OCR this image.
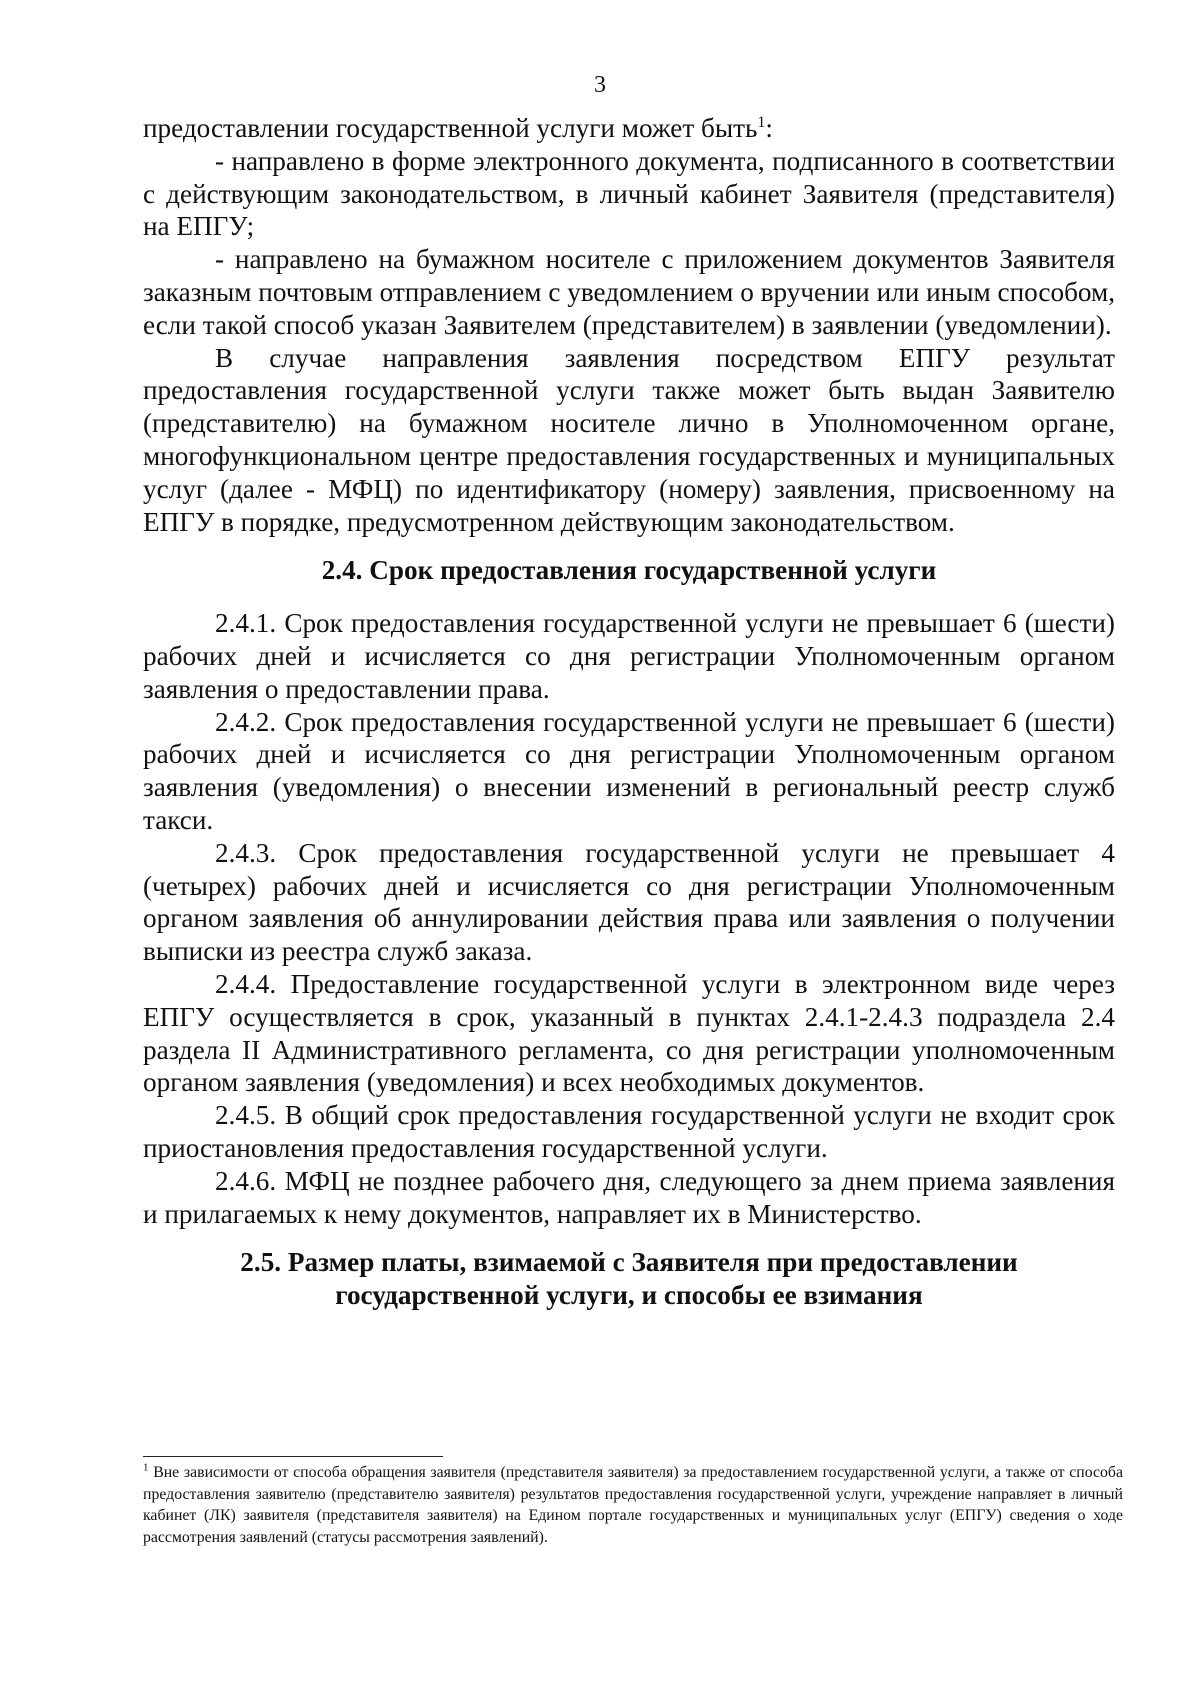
3

предоставлении государственной услуги может быть$^1$:

- направлено в форме электронного документа, подписанного в соответствии с действующим законодательством, в личный кабинет Заявителя (представителя) на ЕПГУ;

- направлено на бумажном носителе с приложением документов Заявителя заказным почтовым отправлением с уведомлением о вручении или иным способом, если такой способ указан Заявителем (представителем) в заявлении (уведомлении).

В случае направления заявления посредством ЕПГУ результат предоставления государственной услуги также может быть выдан Заявителю (представителю) на бумажном носителе лично в Уполномоченном органе, многофункциональном центре предоставления государственных и муниципальных услуг (далее - МФЦ) по идентификатору (номеру) заявления, присвоенному на ЕПГУ в порядке, предусмотренном действующим законодательством.

2.4. Срок предоставления государственной услуги

2.4.1. Срок предоставления государственной услуги не превышает 6 (шести) рабочих дней и исчисляется со дня регистрации Уполномоченным органом заявления о предоставлении права.

2.4.2. Срок предоставления государственной услуги не превышает 6 (шести) рабочих дней и исчисляется со дня регистрации Уполномоченным органом заявления (уведомления) о внесении изменений в региональный реестр служб такси.

2.4.3. Срок предоставления государственной услуги не превышает 4 (четырех) рабочих дней и исчисляется со дня регистрации Уполномоченным органом заявления об аннулировании действия права или заявления о получении выписки из реестра служб заказа.

2.4.4. Предоставление государственной услуги в электронном виде через ЕПГУ осуществляется в срок, указанный в пунктах 2.4.1-2.4.3 подраздела 2.4 раздела II Административного регламента, со дня регистрации уполномоченным органом заявления (уведомления) и всех необходимых документов.

2.4.5. В общий срок предоставления государственной услуги не входит срок приостановления предоставления государственной услуги.

2.4.6. МФЦ не позднее рабочего дня, следующего за днем приема заявления и прилагаемых к нему документов, направляет их в Министерство.

2.5. Размер платы, взимаемой с Заявителя при предоставлении

государственной услуги, и способы ее взимания

$^1$ Вне зависимости от способа обращения заявителя (представителя заявителя) за предоставлением государственной услуги, а также от способа предоставления заявителю (представителю заявителя) результатов предоставления государственной услуги, учреждение направляет в личный кабинет (ЛК) заявителя (представителя заявителя) на Едином портале государственных и муниципальных услуг (ЕПГУ) сведения о ходе рассмотрения заявлений (статусы рассмотрения заявлений).
